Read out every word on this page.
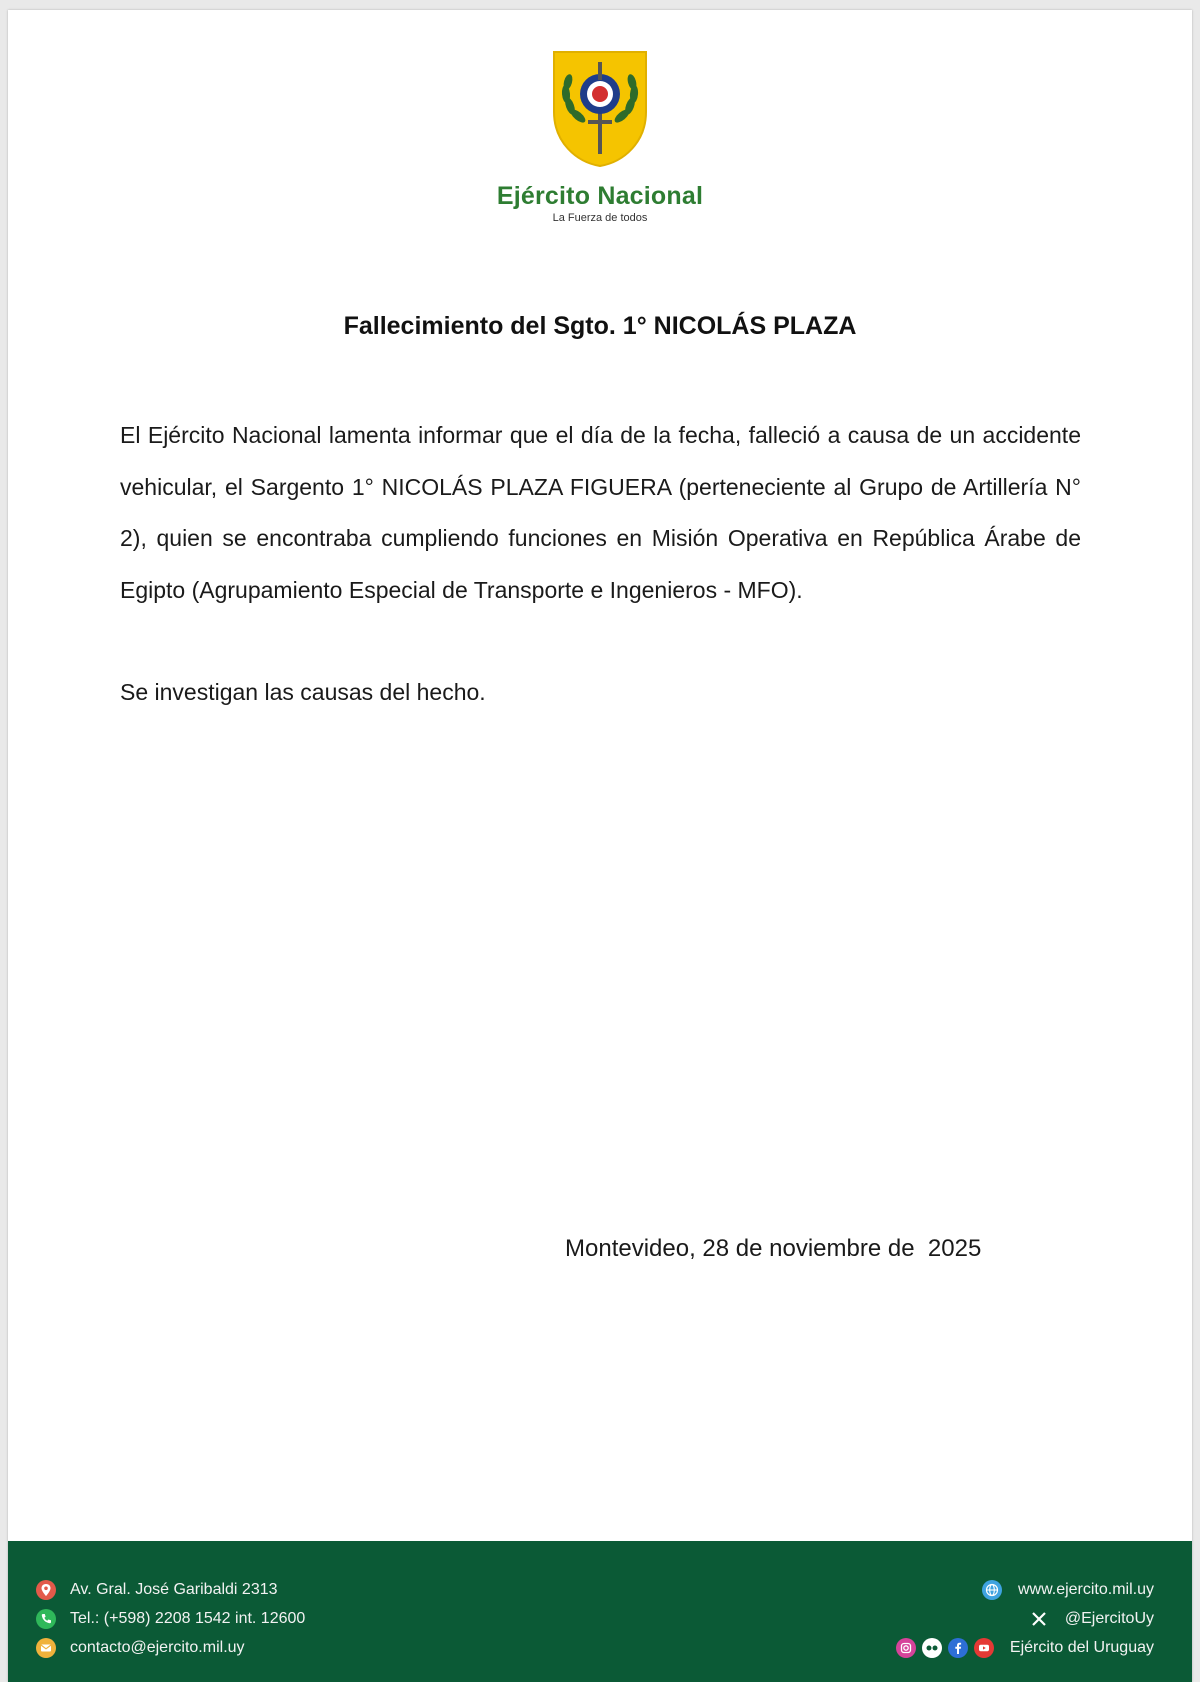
Ejército Nacional
La Fuerza de todos
Fallecimiento del Sgto. 1° NICOLÁS PLAZA

El Ejército Nacional lamenta informar que el día de la fecha, falleció a causa de un accidente vehicular, el Sargento 1° NICOLÁS PLAZA FIGUERA (perteneciente al Grupo de Artillería N° 2), quien se encontraba cumpliendo funciones en Misión Operativa en República Árabe de Egipto (Agrupamiento Especial de Transporte e Ingenieros - MFO).

Se investigan las causas del hecho.

Montevideo, 28 de noviembre de  2025
Av. Gral. José Garibaldi 2313
Tel.: (+598) 2208 1542 int. 12600
contacto@ejercito.mil.uy
www.ejercito.mil.uy
@EjercitoUy
Ejército del Uruguay
